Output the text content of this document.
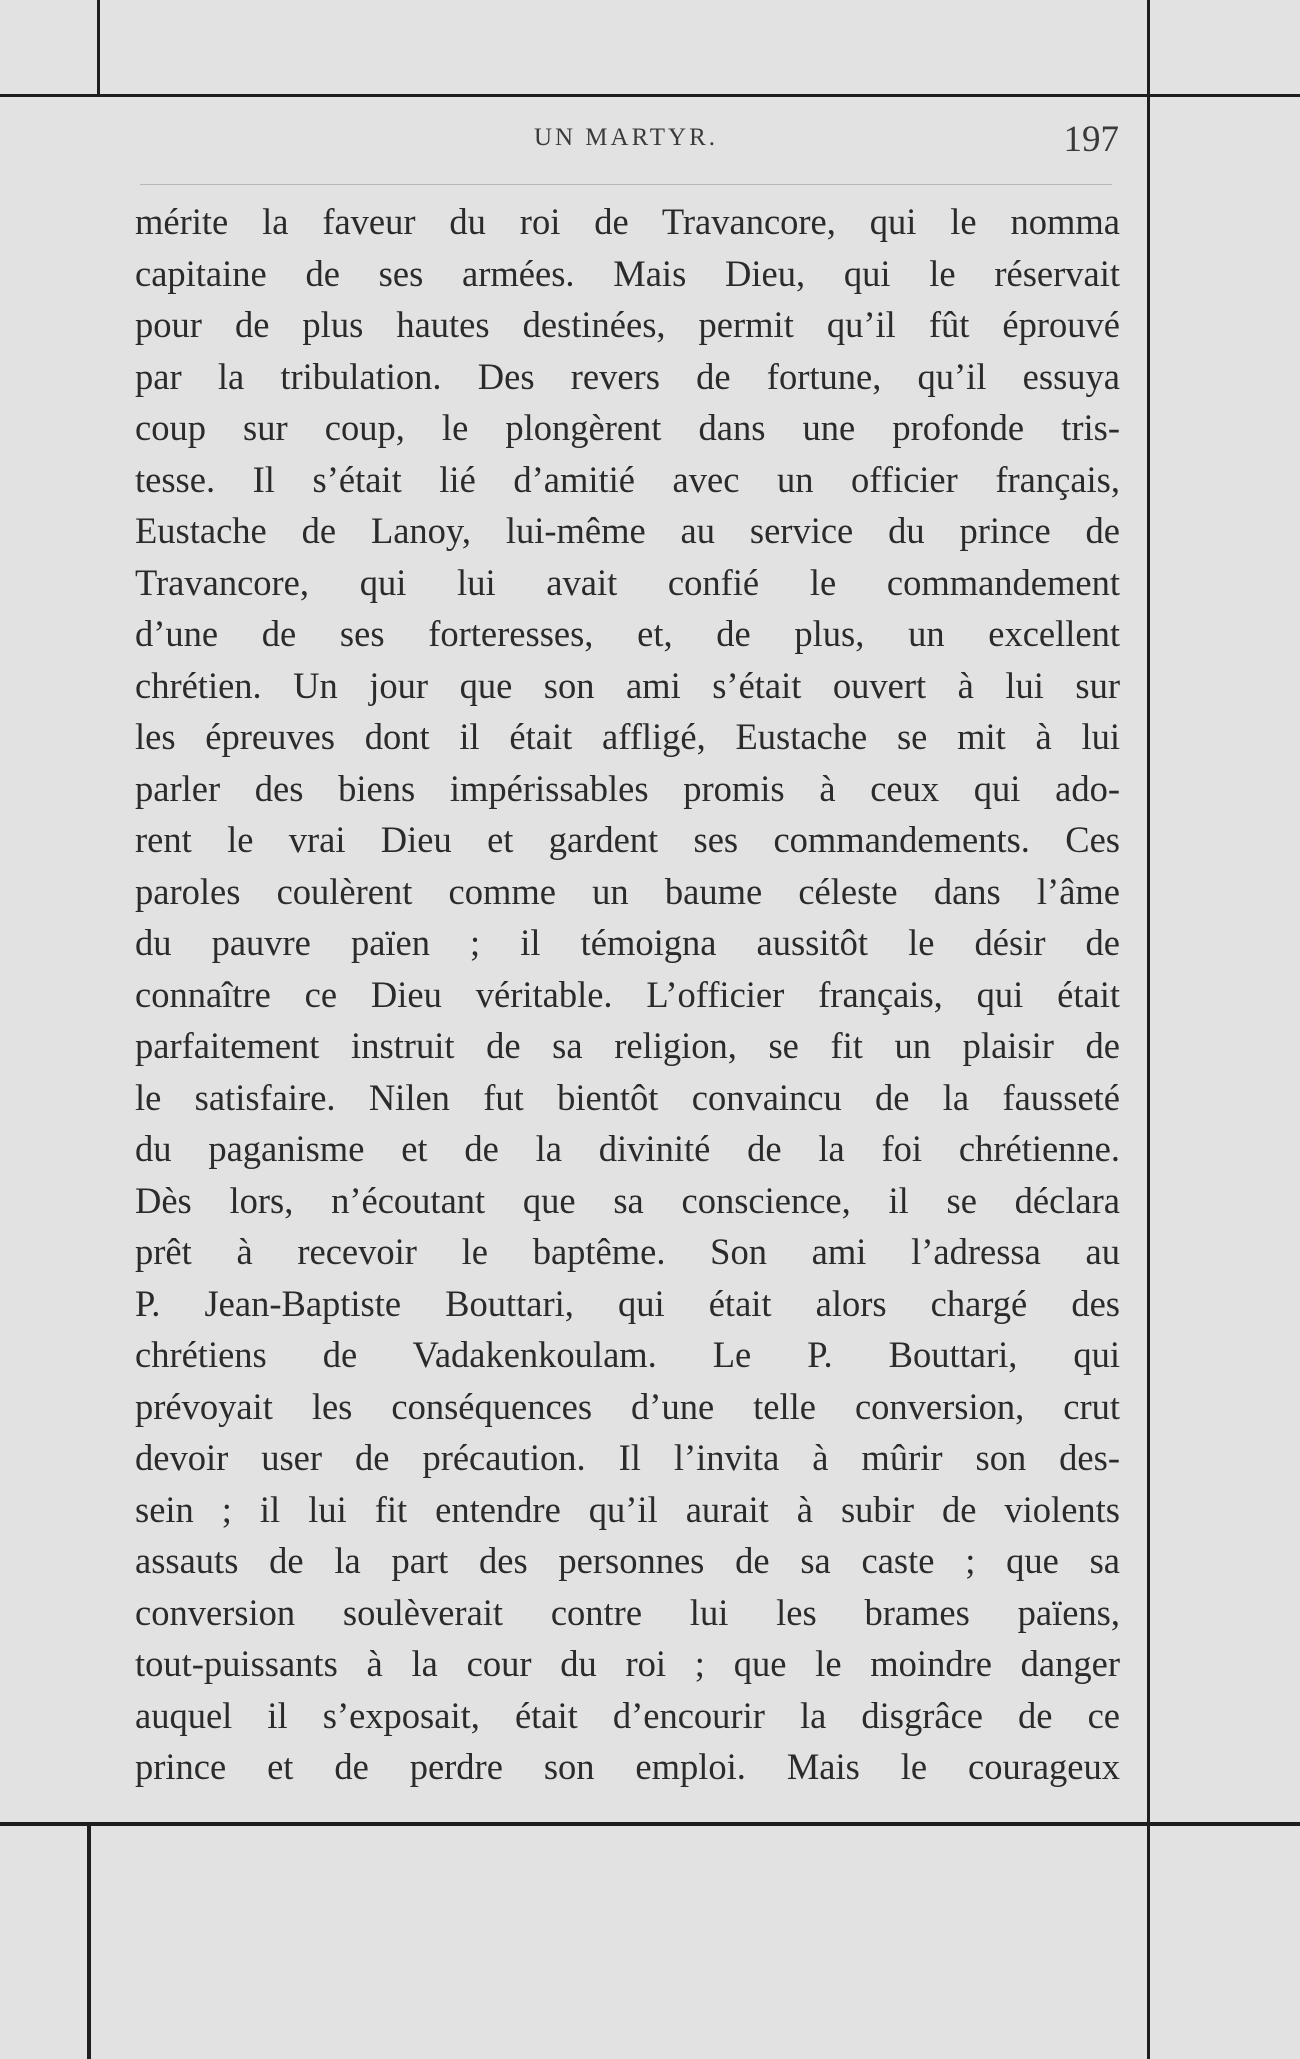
UN MARTYR.	197
mérite la faveur du roi de Travancore, qui le nomma
capitaine de ses armées. Mais Dieu, qui le réservait
pour de plus hautes destinées, permit qu’il fût éprouvé
par la tribulation. Des revers de fortune, qu’il essuya
coup sur coup, le plongèrent dans une profonde tris-
tesse. Il s’était lié d’amitié avec un officier français,
Eustache de Lanoy, lui-même au service du prince de
Travancore, qui lui avait confié le commandement
d’une de ses forteresses, et, de plus, un excellent
chrétien. Un jour que son ami s’était ouvert à lui sur
les épreuves dont il était affligé, Eustache se mit à lui
parler des biens impérissables promis à ceux qui ado-
rent le vrai Dieu et gardent ses commandements. Ces
paroles coulèrent comme un baume céleste dans l’âme
du pauvre païen ; il témoigna aussitôt le désir de
connaître ce Dieu véritable. L’officier français, qui était
parfaitement instruit de sa religion, se fit un plaisir de
le satisfaire. Nilen fut bientôt convaincu de la fausseté
du paganisme et de la divinité de la foi chrétienne.
Dès lors, n’écoutant que sa conscience, il se déclara
prêt à recevoir le baptême. Son ami l’adressa au
P. Jean-Baptiste Bouttari, qui était alors chargé des
chrétiens de Vadakenkoulam. Le P. Bouttari, qui
prévoyait les conséquences d’une telle conversion, crut
devoir user de précaution. Il l’invita à mûrir son des-
sein ; il lui fit entendre qu’il aurait à subir de violents
assauts de la part des personnes de sa caste ; que sa
conversion soulèverait contre lui les brames païens,
tout-puissants à la cour du roi ; que le moindre danger
auquel il s’exposait, était d’encourir la disgrâce de ce
prince et de perdre son emploi. Mais le courageux
